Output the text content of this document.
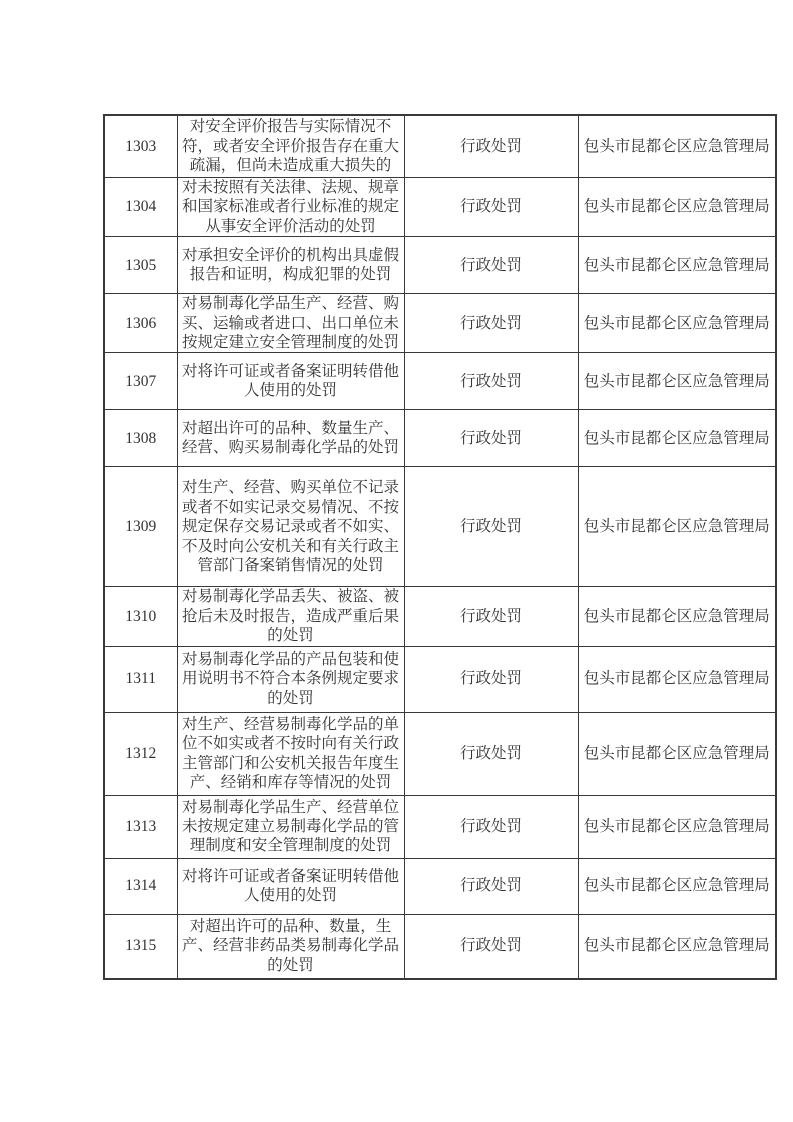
1303	对安全评价报告与实际情况不符，或者安全评价报告存在重大疏漏，但尚未造成重大损失的	行政处罚	包头市昆都仑区应急管理局
1304	对未按照有关法律、法规、规章和国家标准或者行业标准的规定从事安全评价活动的处罚	行政处罚	包头市昆都仑区应急管理局
1305	对承担安全评价的机构出具虚假报告和证明，构成犯罪的处罚	行政处罚	包头市昆都仑区应急管理局
1306	对易制毒化学品生产、经营、购买、运输或者进口、出口单位未按规定建立安全管理制度的处罚	行政处罚	包头市昆都仑区应急管理局
1307	对将许可证或者备案证明转借他人使用的处罚	行政处罚	包头市昆都仑区应急管理局
1308	对超出许可的品种、数量生产、经营、购买易制毒化学品的处罚	行政处罚	包头市昆都仑区应急管理局
1309	对生产、经营、购买单位不记录或者不如实记录交易情况、不按规定保存交易记录或者不如实、不及时向公安机关和有关行政主管部门备案销售情况的处罚	行政处罚	包头市昆都仑区应急管理局
1310	对易制毒化学品丢失、被盗、被抢后未及时报告，造成严重后果的处罚	行政处罚	包头市昆都仑区应急管理局
1311	对易制毒化学品的产品包装和使用说明书不符合本条例规定要求的处罚	行政处罚	包头市昆都仑区应急管理局
1312	对生产、经营易制毒化学品的单位不如实或者不按时向有关行政主管部门和公安机关报告年度生产、经销和库存等情况的处罚	行政处罚	包头市昆都仑区应急管理局
1313	对易制毒化学品生产、经营单位未按规定建立易制毒化学品的管理制度和安全管理制度的处罚	行政处罚	包头市昆都仑区应急管理局
1314	对将许可证或者备案证明转借他人使用的处罚	行政处罚	包头市昆都仑区应急管理局
1315	对超出许可的品种、数量，生产、经营非药品类易制毒化学品的处罚	行政处罚	包头市昆都仑区应急管理局
